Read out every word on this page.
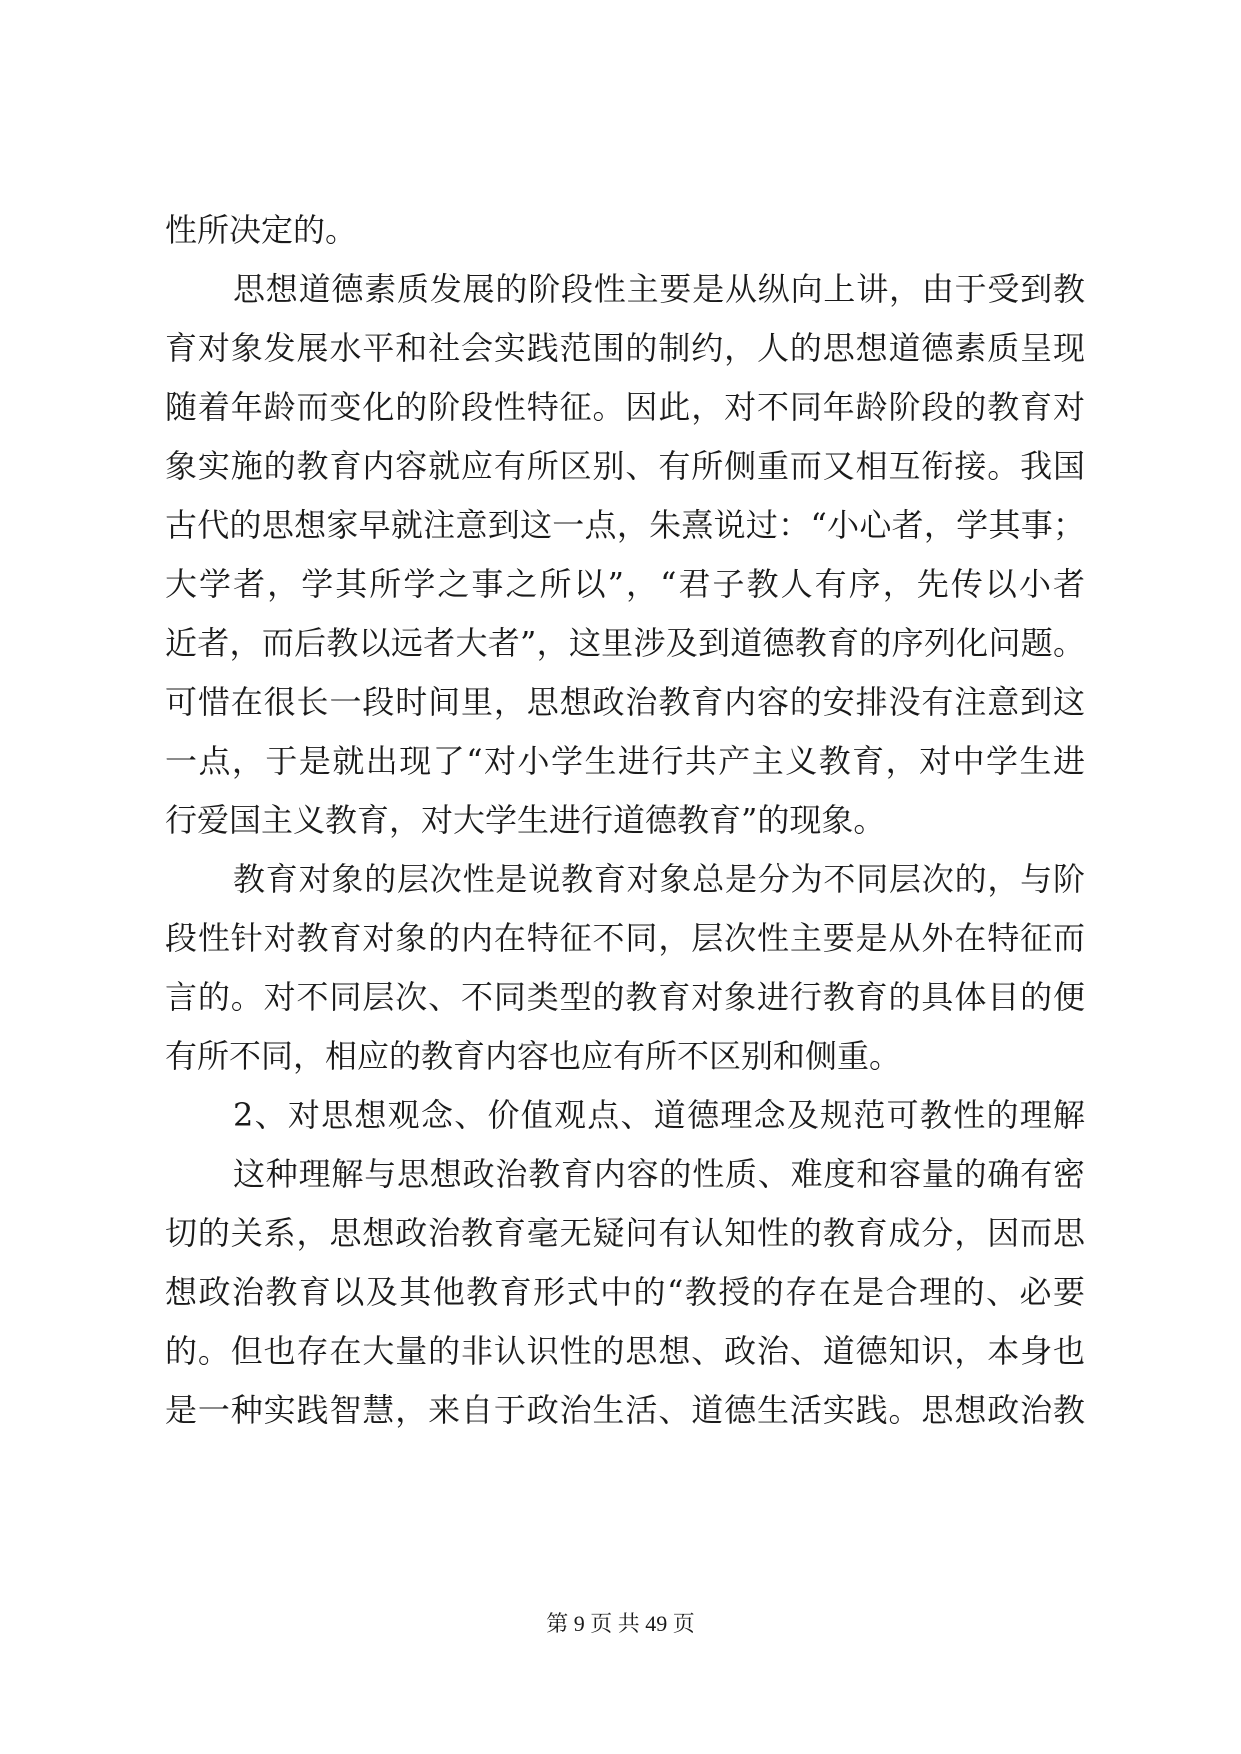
性所决定的。
思想道德素质发展的阶段性主要是从纵向上讲，由于受到教
育对象发展水平和社会实践范围的制约，人的思想道德素质呈现
随着年龄而变化的阶段性特征。因此，对不同年龄阶段的教育对
象实施的教育内容就应有所区别、有所侧重而又相互衔接。我国
古代的思想家早就注意到这一点，朱熹说过：“小心者，学其事；
大学者，学其所学之事之所以”，“君子教人有序，先传以小者
近者，而后教以远者大者”，这里涉及到道德教育的序列化问题。
可惜在很长一段时间里，思想政治教育内容的安排没有注意到这
一点，于是就出现了“对小学生进行共产主义教育，对中学生进
行爱国主义教育，对大学生进行道德教育”的现象。
教育对象的层次性是说教育对象总是分为不同层次的，与阶
段性针对教育对象的内在特征不同，层次性主要是从外在特征而
言的。对不同层次、不同类型的教育对象进行教育的具体目的便
有所不同，相应的教育内容也应有所不区别和侧重。
2、对思想观念、价值观点、道德理念及规范可教性的理解
这种理解与思想政治教育内容的性质、难度和容量的确有密
切的关系，思想政治教育毫无疑问有认知性的教育成分，因而思
想政治教育以及其他教育形式中的“教授的存在是合理的、必要
的。但也存在大量的非认识性的思想、政治、道德知识，本身也
是一种实践智慧，来自于政治生活、道德生活实践。思想政治教
第 9 页 共 49 页
